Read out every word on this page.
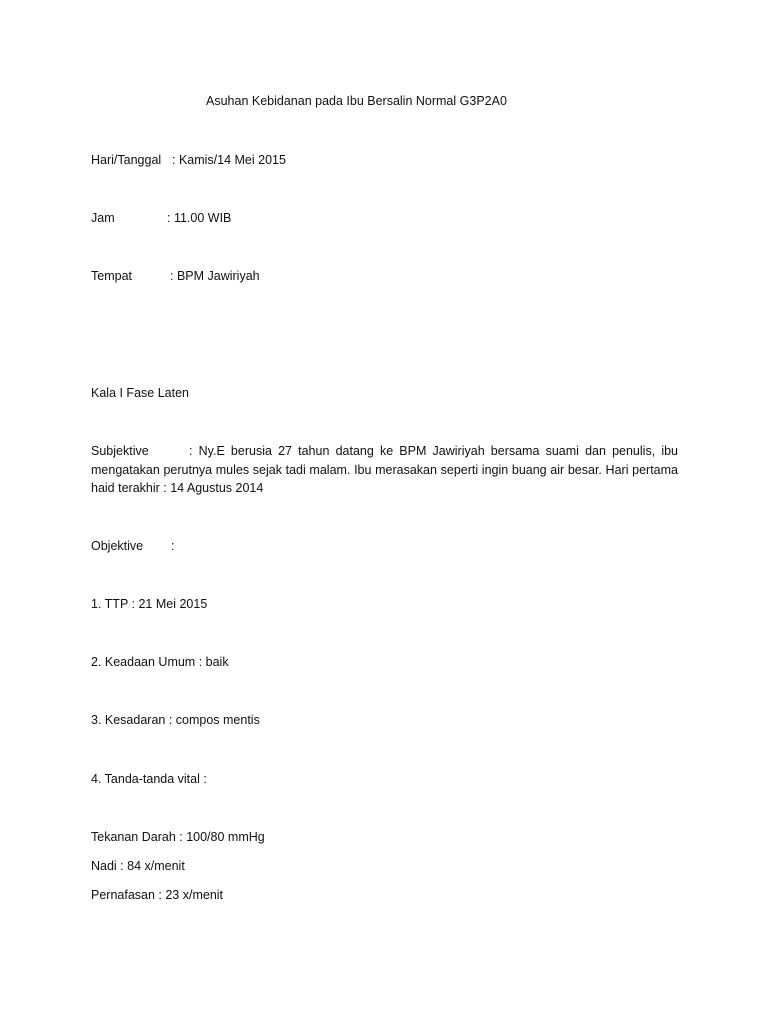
Asuhan Kebidanan pada Ibu Bersalin Normal G3P2A0
Hari/Tanggal : Kamis/14 Mei 2015
Jam	: 11.00 WIB
Tempat	: BPM Jawiriyah
Kala I Fase Laten
Subjektive	: Ny.E berusia 27 tahun datang ke BPM Jawiriyah bersama suami dan penulis, ibu
mengatakan perutnya mules sejak tadi malam. Ibu merasakan seperti ingin buang air besar. Hari pertama
haid terakhir : 14 Agustus 2014
Objektive :
1. TTP : 21 Mei 2015
2. Keadaan Umum : baik
3. Kesadaran : compos mentis
4. Tanda-tanda vital :
Tekanan Darah : 100/80 mmHg
Nadi : 84 x/menit
Pernafasan : 23 x/menit
